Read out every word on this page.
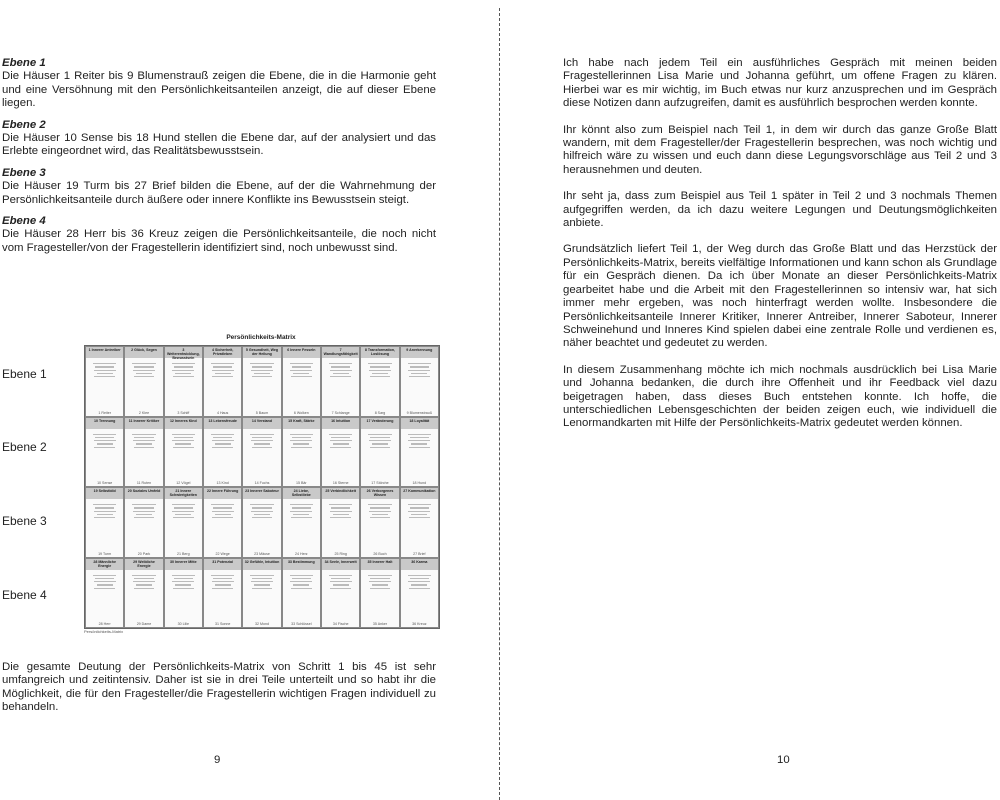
Ebene 1

Die Häuser 1 Reiter bis 9 Blumenstrauß zeigen die Ebene, die in die Harmonie geht und eine Versöhnung mit den Persönlichkeitsanteilen anzeigt, die auf dieser Ebene liegen.

Ebene 2

Die Häuser 10 Sense bis 18 Hund stellen die Ebene dar, auf der analysiert und das Erlebte eingeordnet wird, das Realitätsbewusstsein.

Ebene 3

Die Häuser 19 Turm bis 27 Brief bilden die Ebene, auf der die Wahrnehmung der Persönlichkeitsanteile durch äußere oder innere Konflikte ins Bewusstsein steigt.

Ebene 4

Die Häuser 28 Herr bis 36 Kreuz zeigen die Persönlichkeitsanteile, die noch nicht vom Fragesteller/von der Fragestellerin identifiziert sind, noch unbewusst sind.

Ebene 1
Ebene 2
Ebene 3
Ebene 4
Persönlichkeits-Matrix
1 Innerer Antreiber
1 Reiter
2 Glück, Segen
2 Klee
3 Weiterentwicklung, Bewusstsein
3 Schiff
4 Sicherheit, Privatleben
4 Haus
5 Gesundheit, Weg der Heilung
5 Baum
6 Innere Fesseln
6 Wolken
7 Wandlungsfähigkeit
7 Schlange
8 Transformation, Loslösung
8 Sarg
9 Anerkennung
9 Blumenstrauß
10 Trennung
10 Sense
11 Innerer Kritiker
11 Ruten
12 Inneres Kind
12 Vögel
13 Lebensfreude
13 Kind
14 Verstand
14 Fuchs
15 Kraft, Stärke
15 Bär
16 Intuition
16 Sterne
17 Veränderung
17 Störche
18 Loyalität
18 Hund
19 Selbstbild
19 Turm
20 Soziales Umfeld
20 Park
21 Innere Schwierigkeiten
21 Berg
22 Innere Führung
22 Wege
23 Innerer Saboteur
23 Mäuse
24 Liebe, Selbstliebe
24 Herz
25 Verbindlichkeit
25 Ring
26 Verborgenes Wissen
26 Buch
27 Kommunikation
27 Brief
28 Männliche Energie
28 Herr
29 Weibliche Energie
29 Dame
30 Innerer Mitte
30 Lilie
31 Potenzial
31 Sonne
32 Gefühle, Intuition
32 Mond
33 Bestimmung
33 Schlüssel
34 Seele, Innerwelt
34 Fische
35 Innerer Halt
35 Anker
36 Karma
36 Kreuz
Persönlichkeits-Matrix

Die gesamte Deutung der Persönlichkeits-Matrix von Schritt 1 bis 45 ist sehr umfangreich und zeitintensiv. Daher ist sie in drei Teile unterteilt und so habt ihr die Möglichkeit, die für den Fragesteller/die Fragestellerin wichtigen Fragen individuell zu behandeln.

9

Ich habe nach jedem Teil ein ausführliches Gespräch mit meinen beiden Fragestellerinnen Lisa Marie und Johanna geführt, um offene Fragen zu klären. Hierbei war es mir wichtig, im Buch etwas nur kurz anzusprechen und im Gespräch diese Notizen dann aufzugreifen, damit es ausführlich besprochen werden konnte.

Ihr könnt also zum Beispiel nach Teil 1, in dem wir durch das ganze Große Blatt wandern, mit dem Fragesteller/der Fragestellerin besprechen, was noch wichtig und hilfreich wäre zu wissen und euch dann diese Legungsvorschläge aus Teil 2 und 3 herausnehmen und deuten.

Ihr seht ja, dass zum Beispiel aus Teil 1 später in Teil 2 und 3 nochmals Themen aufgegriffen werden, da ich dazu weitere Legungen und Deutungsmöglichkeiten anbiete.

Grundsätzlich liefert Teil 1, der Weg durch das Große Blatt und das Herzstück der Persönlichkeits-Matrix, bereits vielfältige Informationen und kann schon als Grundlage für ein Gespräch dienen. Da ich über Monate an dieser Persönlichkeits-Matrix gearbeitet habe und die Arbeit mit den Fragestellerinnen so intensiv war, hat sich immer mehr ergeben, was noch hinterfragt werden wollte. Insbesondere die Persönlichkeitsanteile Innerer Kritiker, Innerer Antreiber, Innerer Saboteur, Innerer Schweinehund und Inneres Kind spielen dabei eine zentrale Rolle und verdienen es, näher beachtet und gedeutet zu werden.

In diesem Zusammenhang möchte ich mich nochmals ausdrücklich bei Lisa Marie und Johanna bedanken, die durch ihre Offenheit und ihr Feedback viel dazu beigetragen haben, dass dieses Buch entstehen konnte. Ich hoffe, die unterschiedlichen Lebensgeschichten der beiden zeigen euch, wie individuell die Lenormandkarten mit Hilfe der Persönlichkeits-Matrix gedeutet werden können.

10
